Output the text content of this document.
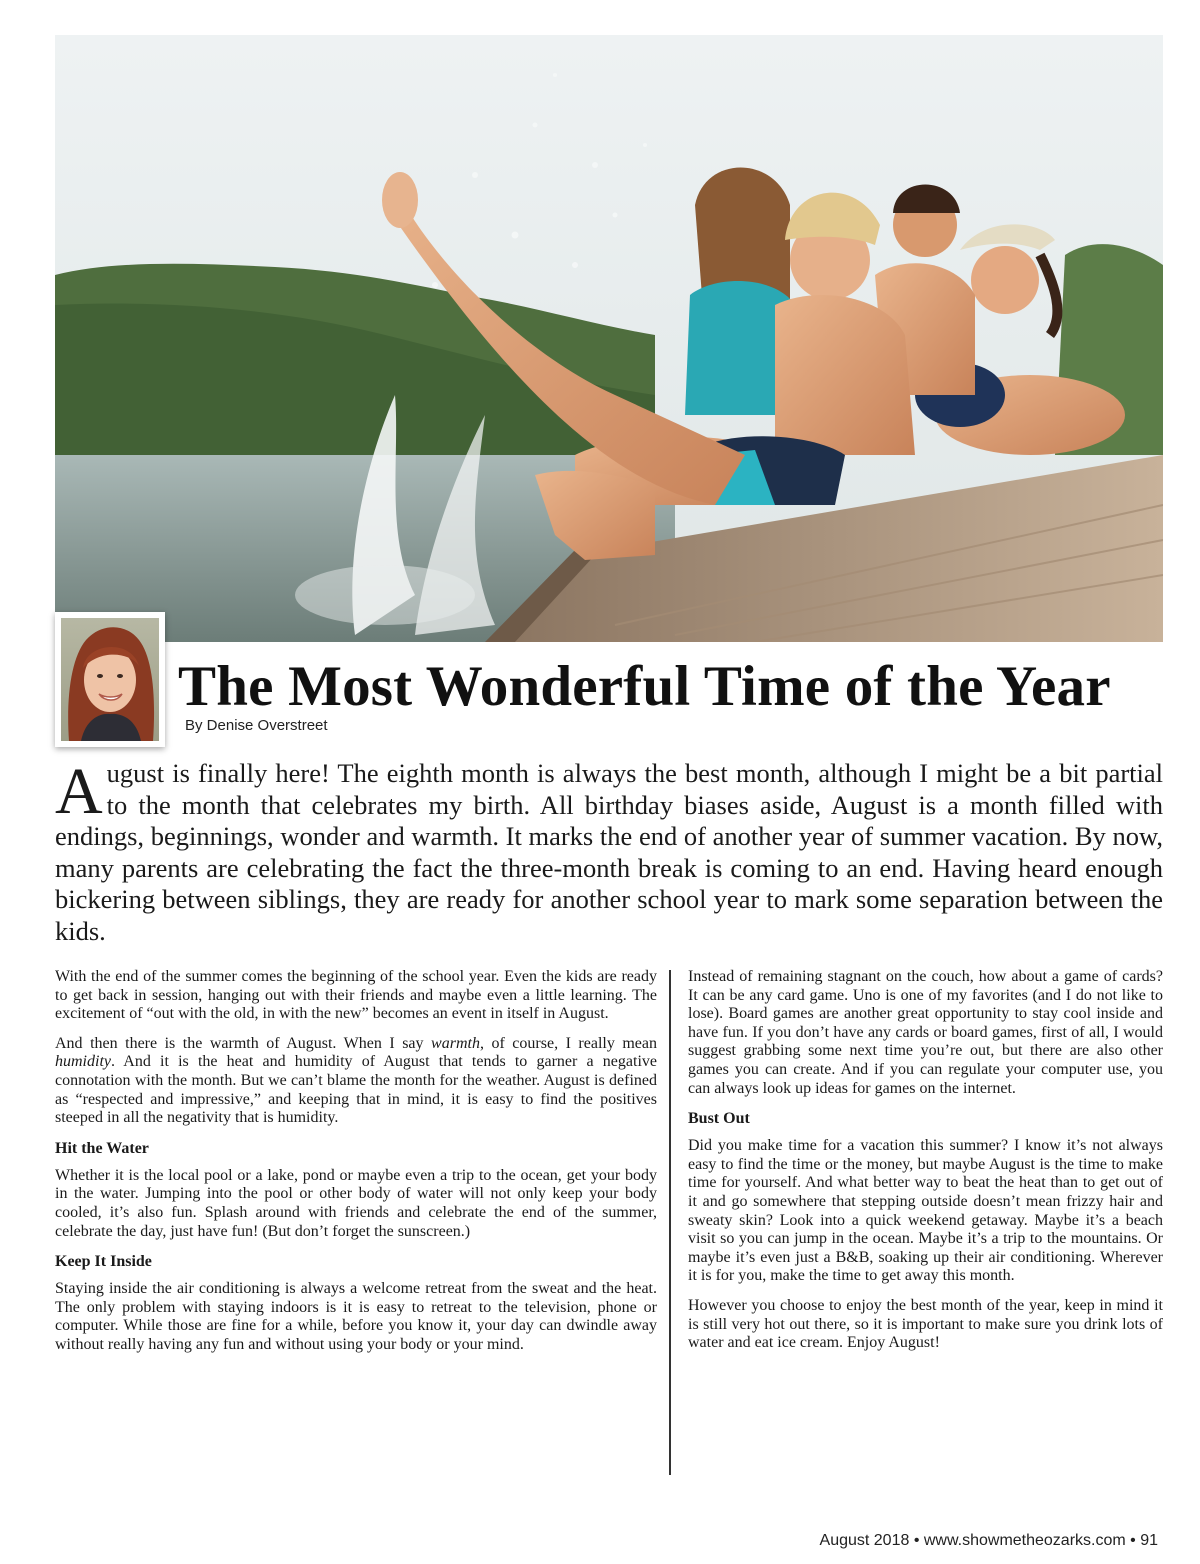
The Most Wonderful Time of the Year
By Denise Overstreet

August is finally here! The eighth month is always the best month, although I might be a bit partial to the month that celebrates my birth. All birthday biases aside, August is a month filled with endings, beginnings, wonder and warmth. It marks the end of another year of summer vacation. By now, many parents are celebrating the fact the three-month break is coming to an end. Having heard enough bickering between siblings, they are ready for another school year to mark some separation between the kids.

With the end of the summer comes the beginning of the school year. Even the kids are ready to get back in session, hanging out with their friends and maybe even a little learning. The excitement of “out with the old, in with the new” becomes an event in itself in August.

And then there is the warmth of August. When I say warmth, of course, I really mean humidity. And it is the heat and humidity of August that tends to garner a negative connotation with the month. But we can’t blame the month for the weather. August is defined as “respected and impressive,” and keeping that in mind, it is easy to find the positives steeped in all the negativity that is humidity.

Hit the Water

Whether it is the local pool or a lake, pond or maybe even a trip to the ocean, get your body in the water. Jumping into the pool or other body of water will not only keep your body cooled, it’s also fun. Splash around with friends and celebrate the end of the summer, celebrate the day, just have fun! (But don’t forget the sunscreen.)

Keep It Inside

Staying inside the air conditioning is always a welcome retreat from the sweat and the heat. The only problem with staying indoors is it is easy to retreat to the television, phone or computer. While those are fine for a while, before you know it, your day can dwindle away without really having any fun and without using your body or your mind.

Instead of remaining stagnant on the couch, how about a game of cards? It can be any card game. Uno is one of my favorites (and I do not like to lose). Board games are another great opportunity to stay cool inside and have fun. If you don’t have any cards or board games, first of all, I would suggest grabbing some next time you’re out, but there are also other games you can create. And if you can regulate your computer use, you can always look up ideas for games on the internet.

Bust Out

Did you make time for a vacation this summer? I know it’s not always easy to find the time or the money, but maybe August is the time to make time for yourself. And what better way to beat the heat than to get out of it and go somewhere that stepping outside doesn’t mean frizzy hair and sweaty skin? Look into a quick weekend getaway. Maybe it’s a beach visit so you can jump in the ocean. Maybe it’s a trip to the mountains. Or maybe it’s even just a B&B, soaking up their air conditioning. Wherever it is for you, make the time to get away this month.

However you choose to enjoy the best month of the year, keep in mind it is still very hot out there, so it is important to make sure you drink lots of water and eat ice cream. Enjoy August!

August 2018 • www.showmetheozarks.com • 91
